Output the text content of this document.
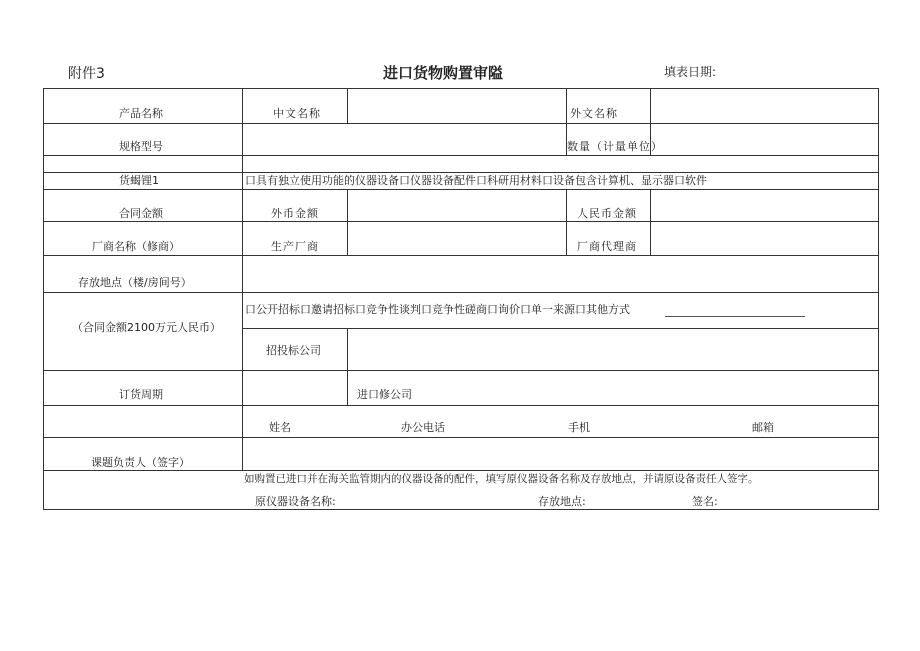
附件3	进口货物购置审隘	填表日期:
产品名称	中文名称	外文名称
规格型号	数量（计量单位）
货蝎锂1	口具有独立使用功能的仪器设备口仪器设备配件口科研用材料口设备包含计算机、显示器口软件
合同金额	外币金额	人民币金额
厂商名称（修商）	生产厂商	厂商代理商
存放地点（楼/房间号）
口公开招标口邀请招标口竞争性谈判口竞争性磋商口询价口单一来源口其他方式
（合同金额2100万元人民币）
招投标公司
订货周期	进口修公司
姓名	办公电话	手机	邮箱
课题负责人（签字）
如购置已进口并在海关监管期内的仪器设备的配件，填写原仪器设备名称及存放地点，并请原设备责任人签字。
原仪器设备名称:	存放地点:	签名:
